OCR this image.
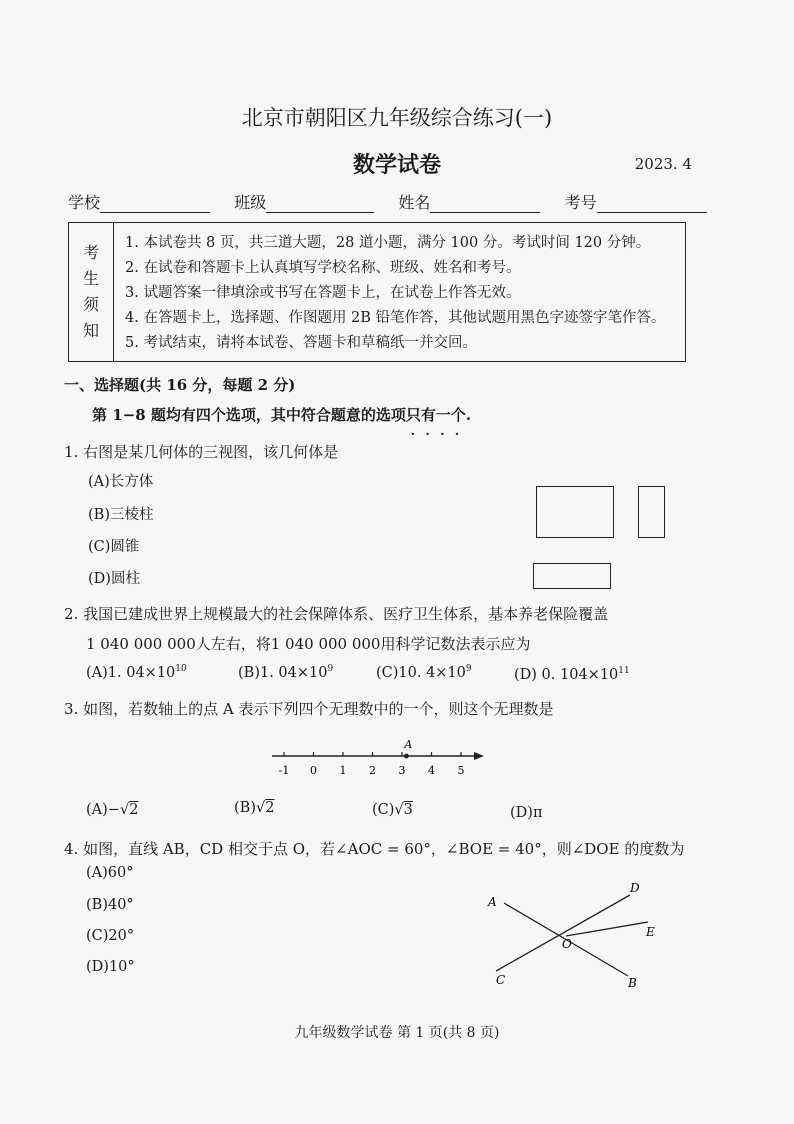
北京市朝阳区九年级综合练习(一)
数学试卷	2023. 4
学校	班级	姓名	考号
考
生
须
知
1. 本试卷共 8 页，共三道大题，28 道小题，满分 100 分。考试时间 120 分钟。
2. 在试卷和答题卡上认真填写学校名称、班级、姓名和考号。
3. 试题答案一律填涂或书写在答题卡上，在试卷上作答无效。
4. 在答题卡上，选择题、作图题用 2B 铅笔作答，其他试题用黑色字迹签字笔作答。
5. 考试结束，请将本试卷、答题卡和草稿纸一并交回。
一、选择题(共 16 分，每题 2 分)
第 1−8 题均有四个选项，其中符合题意的选项只有一个.
····
1. 右图是某几何体的三视图，该几何体是
(A)长方体
(B)三棱柱
(C)圆锥
(D)圆柱
2. 我国已建成世界上规模最大的社会保障体系、医疗卫生体系，基本养老保险覆盖
1 040 000 000人左右，将1 040 000 000用科学记数法表示应为
(A)1. $04\times 10^{10}$	(B)1. $04\times 10^9$	(C)10. $4\times 10^9$	(D) 0. $104\times 10^{11}$
3. 如图，若数轴上的点 A 表示下列四个无理数中的一个，则这个无理数是
-1 0 1 2 3 4 5
A
(A)−√2	(B)√2	(C)√3	(D)π
4. 如图，直线 AB，CD 相交于点 O，若∠AOC = 60°，∠BOE = 40°，则∠DOE 的度数为
(A)60°
(B)40°
(C)20°
(D)10°
A
B
C
D
E
O
九年级数学试卷 第 1 页(共 8 页)
